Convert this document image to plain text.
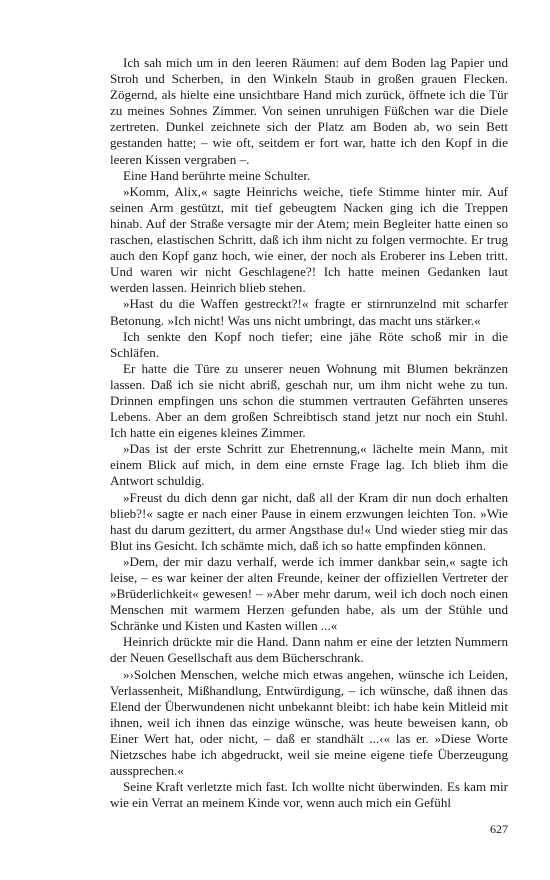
Ich sah mich um in den leeren Räumen: auf dem Boden lag Papier und Stroh und Scherben, in den Winkeln Staub in großen grauen Flecken. Zögernd, als hielte eine unsichtbare Hand mich zurück, öffnete ich die Tür zu meines Sohnes Zimmer. Von seinen unruhigen Füßchen war die Diele zertreten. Dunkel zeichnete sich der Platz am Boden ab, wo sein Bett gestanden hatte; – wie oft, seitdem er fort war, hatte ich den Kopf in die leeren Kissen vergraben –.

Eine Hand berührte meine Schulter.

»Komm, Alix,« sagte Heinrichs weiche, tiefe Stimme hinter mir. Auf seinen Arm gestützt, mit tief gebeugtem Nacken ging ich die Treppen hinab. Auf der Straße versagte mir der Atem; mein Begleiter hatte einen so raschen, elastischen Schritt, daß ich ihm nicht zu folgen vermochte. Er trug auch den Kopf ganz hoch, wie einer, der noch als Eroberer ins Leben tritt. Und waren wir nicht Geschlagene?! Ich hatte meinen Gedanken laut werden lassen. Heinrich blieb stehen.

»Hast du die Waffen gestreckt?!« fragte er stirnrunzelnd mit scharfer Betonung. »Ich nicht! Was uns nicht umbringt, das macht uns stärker.«

Ich senkte den Kopf noch tiefer; eine jähe Röte schoß mir in die Schläfen.

Er hatte die Türe zu unserer neuen Wohnung mit Blumen bekränzen lassen. Daß ich sie nicht abriß, geschah nur, um ihm nicht wehe zu tun. Drinnen empfingen uns schon die stummen vertrauten Gefährten unseres Lebens. Aber an dem großen Schreibtisch stand jetzt nur noch ein Stuhl. Ich hatte ein eigenes kleines Zimmer.

»Das ist der erste Schritt zur Ehetrennung,« lächelte mein Mann, mit einem Blick auf mich, in dem eine ernste Frage lag. Ich blieb ihm die Antwort schuldig.

»Freust du dich denn gar nicht, daß all der Kram dir nun doch erhalten blieb?!« sagte er nach einer Pause in einem erzwungen leichten Ton. »Wie hast du darum gezittert, du armer Angsthase du!« Und wieder stieg mir das Blut ins Gesicht. Ich schämte mich, daß ich so hatte empfinden können.

»Dem, der mir dazu verhalf, werde ich immer dankbar sein,« sagte ich leise, – es war keiner der alten Freunde, keiner der offiziellen Vertreter der »Brüderlichkeit« gewesen! – »Aber mehr darum, weil ich doch noch einen Menschen mit warmem Herzen gefunden habe, als um der Stühle und Schränke und Kisten und Kasten willen ...«

Heinrich drückte mir die Hand. Dann nahm er eine der letzten Nummern der Neuen Gesellschaft aus dem Bücherschrank.

»›Solchen Menschen, welche mich etwas angehen, wünsche ich Leiden, Verlassenheit, Mißhandlung, Entwürdigung, – ich wünsche, daß ihnen das Elend der Überwundenen nicht unbekannt bleibt: ich habe kein Mitleid mit ihnen, weil ich ihnen das einzige wünsche, was heute beweisen kann, ob Einer Wert hat, oder nicht, – daß er standhält ...‹« las er. »Diese Worte Nietzsches habe ich abgedruckt, weil sie meine eigene tiefe Überzeugung aussprechen.«

Seine Kraft verletzte mich fast. Ich wollte nicht überwinden. Es kam mir wie ein Verrat an meinem Kinde vor, wenn auch mich ein Gefühl

627
